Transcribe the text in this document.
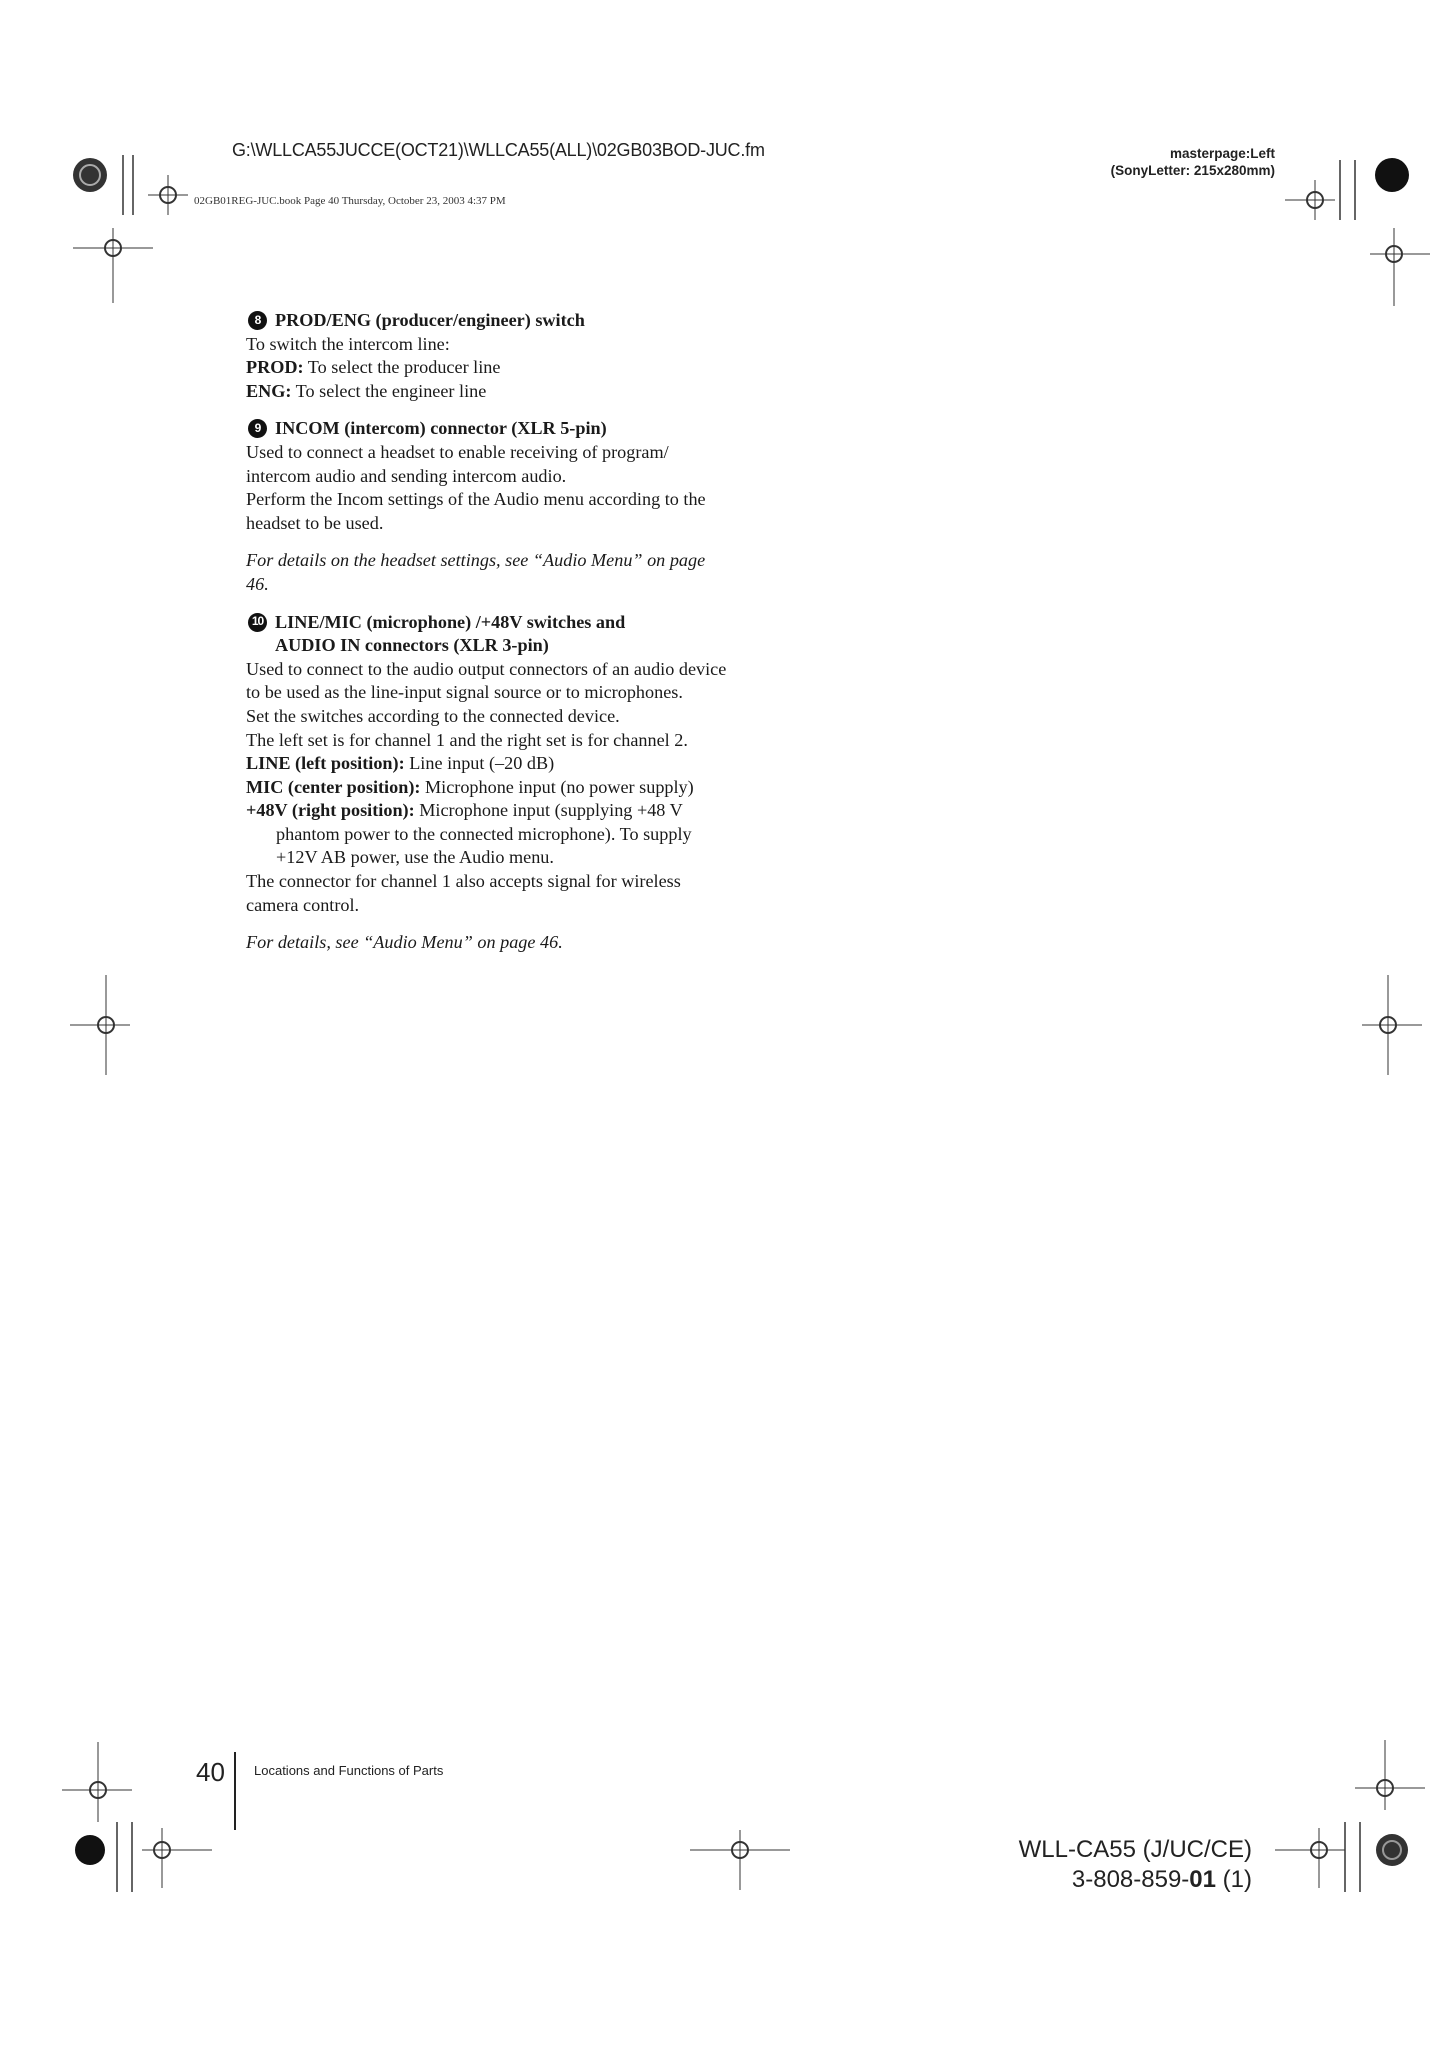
G:\WLLCA55JUCCE(OCT21)\WLLCA55(ALL)\02GB03BOD-JUC.fm
02GB01REG-JUC.book Page 40 Thursday, October 23, 2003 4:37 PM
masterpage:Left
(SonyLetter: 215x280mm)
8 PROD/ENG (producer/engineer) switch

To switch the intercom line:

PROD: To select the producer line

ENG: To select the engineer line

9 INCOM (intercom) connector (XLR 5-pin)

Used to connect a headset to enable receiving of program/ intercom audio and sending intercom audio.

Perform the Incom settings of the Audio menu according to the headset to be used.

For details on the headset settings, see “Audio Menu” on page 46.

10 LINE/MIC (microphone) /+48V switches and
AUDIO IN connectors (XLR 3-pin)

Used to connect to the audio output connectors of an audio device to be used as the line-input signal source or to microphones.

Set the switches according to the connected device.

The left set is for channel 1 and the right set is for channel 2.

LINE (left position): Line input (–20 dB)

MIC (center position): Microphone input (no power supply)

+48V (right position): Microphone input (supplying +48 V phantom power to the connected microphone). To supply +12V AB power, use the Audio menu.

The connector for channel 1 also accepts signal for wireless camera control.

For details, see “Audio Menu” on page 46.

40 Locations and Functions of Parts
WLL-CA55 (J/UC/CE)
3-808-859-01 (1)
